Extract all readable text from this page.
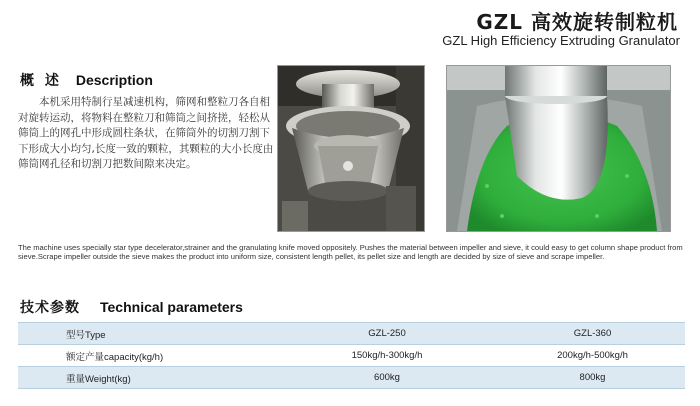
GZL 高效旋转制粒机
GZL High Efficiency Extruding Granulator
概 述 Description
本机采用特制行星减速机构，筛网和整粒刀各自相对旋转运动，将物料在整粒刀和筛筒之间挤搓，轻松从筛筒上的网孔中形成圆柱条状，在筛筒外的切割刀割下下形成大小均匀,长度一致的颗粒，其颗粒的大小长度由筛筒网孔径和切割刀把数间隙来决定。
The machine uses specially star type decelerator,strainer and the granulating knife moved oppositely. Pushes the material between impeller and sieve, it could easy to get column shape product from sieve.Scrape impeller outside the sieve makes the product into uniform size, consistent length pellet, its pellet size and length are decided by size of sieve and scrape impeller.
技术参数 Technical parameters
型号Type	GZL-250	GZL-360
额定产量capacity(kg/h)	150kg/h-300kg/h	200kg/h-500kg/h
重量Weight(kg)	600kg	800kg
